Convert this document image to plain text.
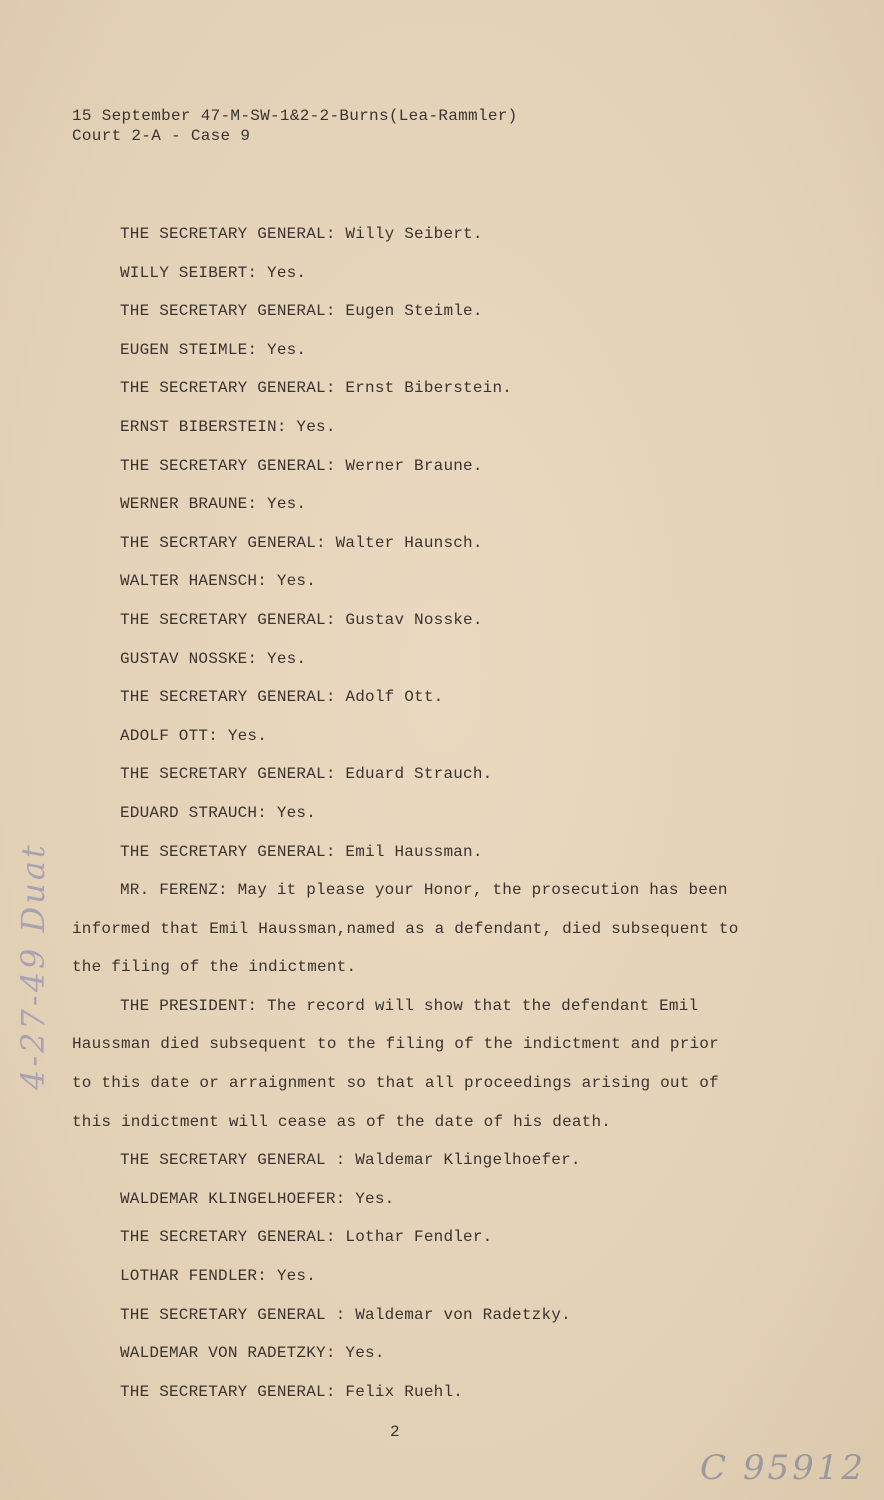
15 September 47-M-SW-1&2-2-Burns(Lea-Rammler)
Court 2-A - Case 9
THE SECRETARY GENERAL: Willy Seibert.
WILLY SEIBERT: Yes.
THE SECRETARY GENERAL: Eugen Steimle.
EUGEN STEIMLE: Yes.
THE SECRETARY GENERAL: Ernst Biberstein.
ERNST BIBERSTEIN: Yes.
THE SECRETARY GENERAL: Werner Braune.
WERNER BRAUNE: Yes.
THE SECRTARY GENERAL: Walter Haunsch.
WALTER HAENSCH: Yes.
THE SECRETARY GENERAL: Gustav Nosske.
GUSTAV NOSSKE: Yes.
THE SECRETARY GENERAL: Adolf Ott.
ADOLF OTT: Yes.
THE SECRETARY GENERAL: Eduard Strauch.
EDUARD STRAUCH: Yes.
THE SECRETARY GENERAL: Emil Haussman.
MR. FERENZ: May it please your Honor, the prosecution has been
informed that Emil Haussman,named as a defendant, died subsequent to
the filing of the indictment.
THE PRESIDENT: The record will show that the defendant Emil
Haussman died subsequent to the filing of the indictment and prior
to this date or arraignment so that all proceedings arising out of
this indictment will cease as of the date of his death.
THE SECRETARY GENERAL : Waldemar Klingelhoefer.
WALDEMAR KLINGELHOEFER: Yes.
THE SECRETARY GENERAL: Lothar Fendler.
LOTHAR FENDLER: Yes.
THE SECRETARY GENERAL : Waldemar von Radetzky.
WALDEMAR VON RADETZKY: Yes.
THE SECRETARY GENERAL: Felix Ruehl.
2
C 95912
4-27-49 Duat
